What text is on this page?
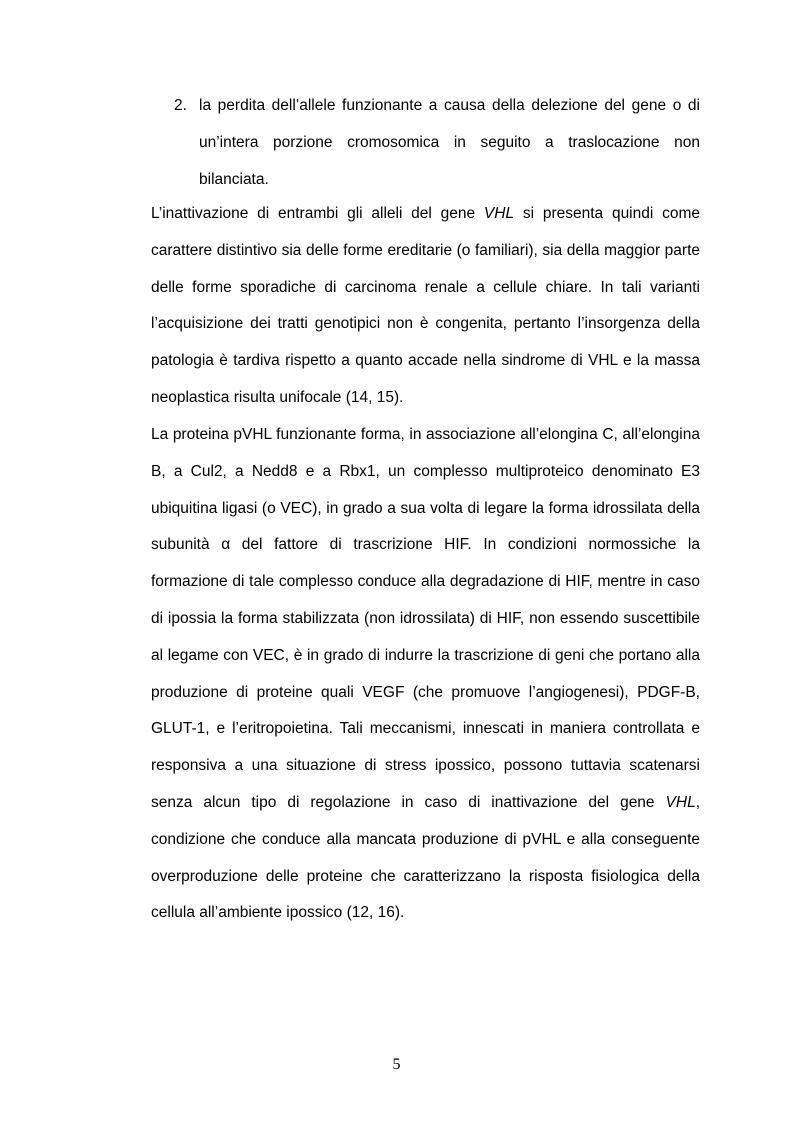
2. la perdita dell’allele funzionante a causa della delezione del gene o di un’intera porzione cromosomica in seguito a traslocazione non bilanciata.

L’inattivazione di entrambi gli alleli del gene VHL si presenta quindi come carattere distintivo sia delle forme ereditarie (o familiari), sia della maggior parte delle forme sporadiche di carcinoma renale a cellule chiare. In tali varianti l’acquisizione dei tratti genotipici non è congenita, pertanto l’insorgenza della patologia è tardiva rispetto a quanto accade nella sindrome di VHL e la massa neoplastica risulta unifocale (14, 15).

La proteina pVHL funzionante forma, in associazione all’elongina C, all’elongina B, a Cul2, a Nedd8 e a Rbx1, un complesso multiproteico denominato E3 ubiquitina ligasi (o VEC), in grado a sua volta di legare la forma idrossilata della subunità α del fattore di trascrizione HIF. In condizioni normossiche la formazione di tale complesso conduce alla degradazione di HIF, mentre in caso di ipossia la forma stabilizzata (non idrossilata) di HIF, non essendo suscettibile al legame con VEC, è in grado di indurre la trascrizione di geni che portano alla produzione di proteine quali VEGF (che promuove l’angiogenesi), PDGF-B, GLUT-1, e l’eritropoietina. Tali meccanismi, innescati in maniera controllata e responsiva a una situazione di stress ipossico, possono tuttavia scatenarsi senza alcun tipo di regolazione in caso di inattivazione del gene VHL, condizione che conduce alla mancata produzione di pVHL e alla conseguente overproduzione delle proteine che caratterizzano la risposta fisiologica della cellula all’ambiente ipossico (12, 16).

5
